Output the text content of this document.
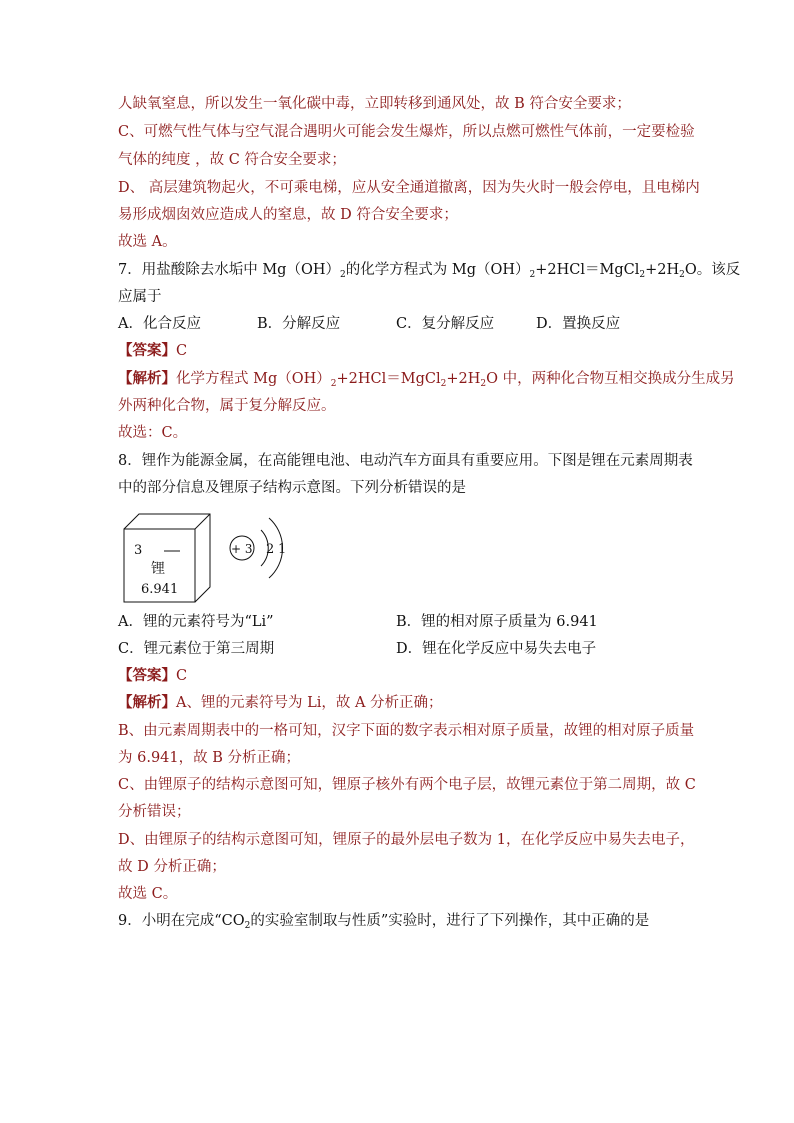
人缺氧窒息，所以发生一氧化碳中毒，立即转移到通风处，故 B 符合安全要求；
C、可燃气性气体与空气混合遇明火可能会发生爆炸，所以点燃可燃性气体前，一定要检验
气体的纯度 ，故 C 符合安全要求；
D、 高层建筑物起火，不可乘电梯，应从安全通道撤离，因为失火时一般会停电，且电梯内
易形成烟囱效应造成人的窒息，故 D 符合安全要求；
故选 A。
7．用盐酸除去水垢中 $Mg(OH)_2$的化学方程式为 $Mg(OH)_2+2HCl=MgCl_2+2H_2O$。该反
应属于
A．化合反应	B．分解反应	C．复分解反应	D．置换反应
【答案】C
【解析】化学方程式 $Mg(OH)_2+2HCl=MgCl_2+2H_2O$ 中，两种化合物互相交换成分生成另
外两种化合物，属于复分解反应。
故选：C。
8．锂作为能源金属，在高能锂电池、电动汽车方面具有重要应用。下图是锂在元素周期表
中的部分信息及锂原子结构示意图。下列分析错误的是
3
锂
6.941
+ 3 2 1
A．锂的元素符号为“Li”	B．锂的相对原子质量为 6.941
C．锂元素位于第三周期	D．锂在化学反应中易失去电子
【答案】C
【解析】A、锂的元素符号为 Li，故 A 分析正确；
B、由元素周期表中的一格可知，汉字下面的数字表示相对原子质量，故锂的相对原子质量
为 6.941，故 B 分析正确；
C、由锂原子的结构示意图可知，锂原子核外有两个电子层，故锂元素位于第二周期，故 C
分析错误；
D、由锂原子的结构示意图可知，锂原子的最外层电子数为 1，在化学反应中易失去电子，
故 D 分析正确；
故选 C。
9．小明在完成“$CO_2$的实验室制取与性质”实验时，进行了下列操作，其中正确的是
